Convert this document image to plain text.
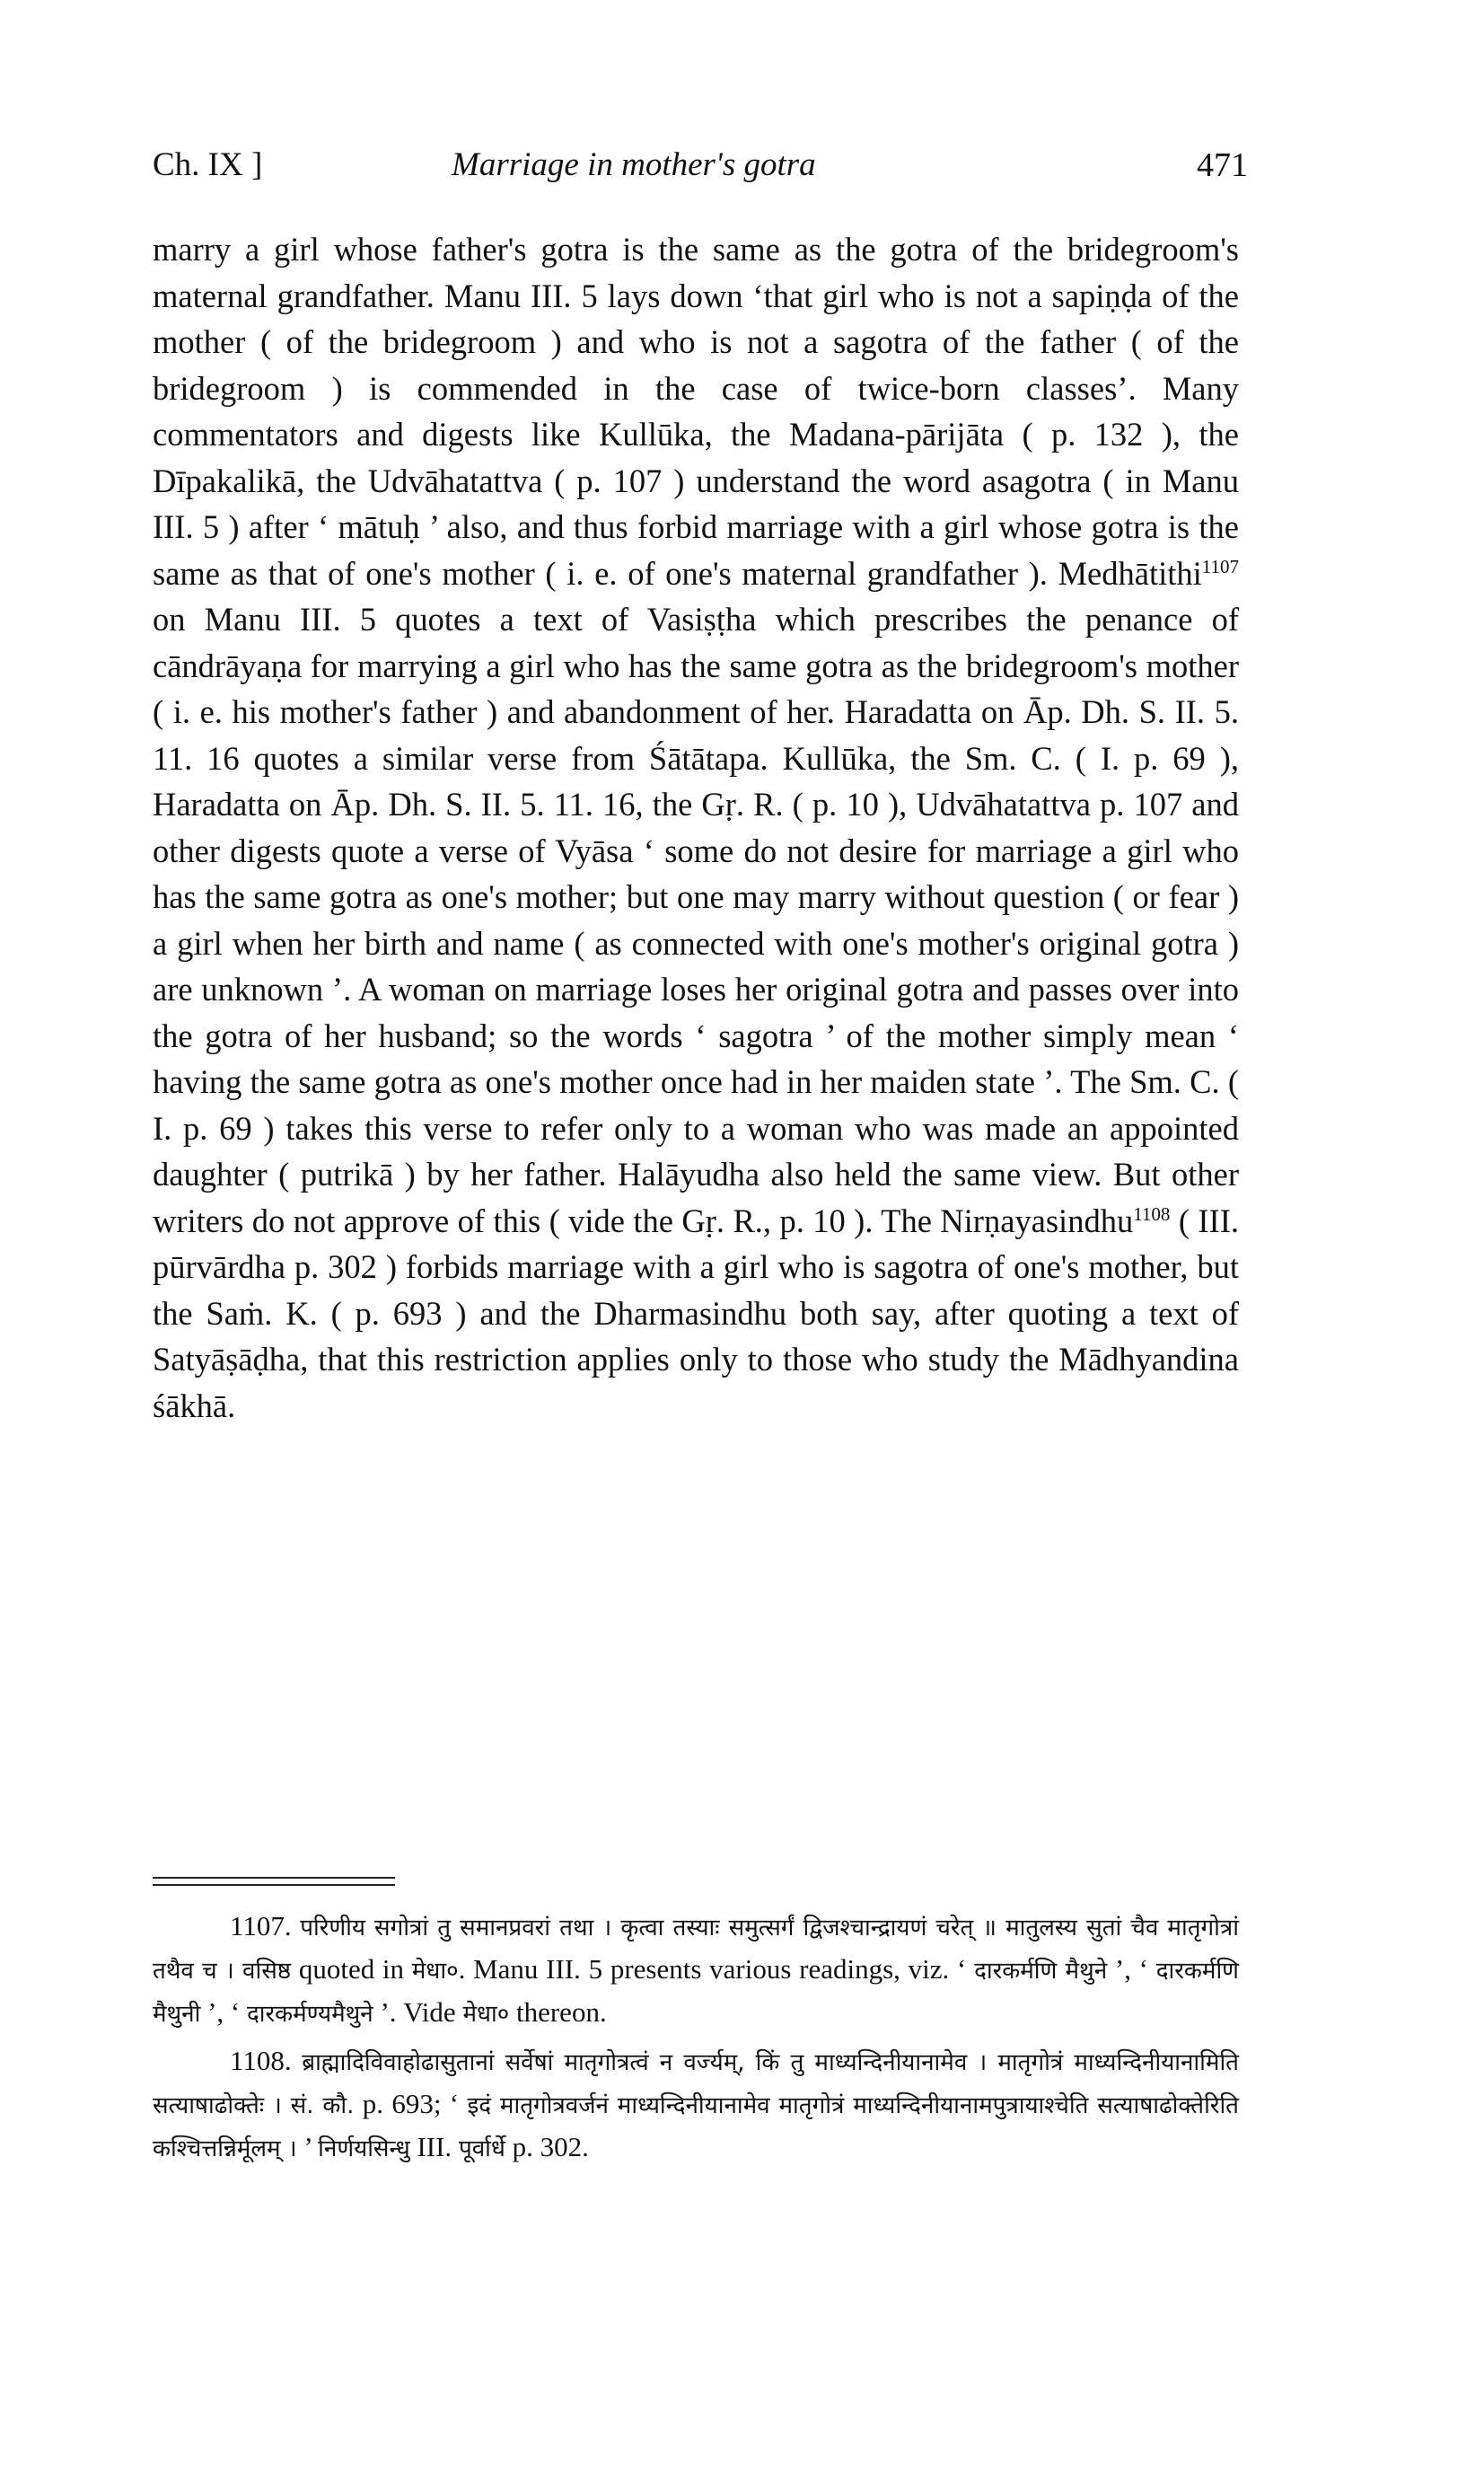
Ch. IX ]	Marriage in mother's gotra	471
marry a girl whose father's gotra is the same as the gotra of the bridegroom's maternal grandfather. Manu III. 5 lays down ‘that girl who is not a sapiṇḍa of the mother ( of the bridegroom ) and who is not a sagotra of the father ( of the bridegroom ) is commended in the case of twice-born classes’. Many commentators and digests like Kullūka, the Madana-pārijāta ( p. 132 ), the Dīpakalikā, the Udvāhatattva ( p. 107 ) understand the word asagotra ( in Manu III. 5 ) after ‘ mātuḥ ’ also, and thus forbid marriage with a girl whose gotra is the same as that of one's mother ( i. e. of one's maternal grandfather ). Medhātithi$^{1107}$ on Manu III. 5 quotes a text of Vasiṣṭha which prescribes the penance of cāndrāyaṇa for marrying a girl who has the same gotra as the bridegroom's mother ( i. e. his mother's father ) and abandonment of her. Haradatta on Āp. Dh. S. II. 5. 11. 16 quotes a similar verse from Śātātapa. Kullūka, the Sm. C. ( I. p. 69 ), Haradatta on Āp. Dh. S. II. 5. 11. 16, the Gṛ. R. ( p. 10 ), Udvāhatattva p. 107 and other digests quote a verse of Vyāsa ‘ some do not desire for marriage a girl who has the same gotra as one's mother; but one may marry without question ( or fear ) a girl when her birth and name ( as connected with one's mother's original gotra ) are unknown ’. A woman on marriage loses her original gotra and passes over into the gotra of her husband; so the words ‘ sagotra ’ of the mother simply mean ‘ having the same gotra as one's mother once had in her maiden state ’. The Sm. C. ( I. p. 69 ) takes this verse to refer only to a woman who was made an appointed daughter ( putrikā ) by her father. Halāyudha also held the same view. But other writers do not approve of this ( vide the Gṛ. R., p. 10 ). The Nirṇayasindhu$^{1108}$ ( III. pūrvārdha p. 302 ) forbids marriage with a girl who is sagotra of one's mother, but the Saṁ. K. ( p. 693 ) and the Dharmasindhu both say, after quoting a text of Satyāṣāḍha, that this restriction applies only to those who study the Mādhyandina śākhā.

1107. परिणीय सगोत्रां तु समानप्रवरां तथा । कृत्वा तस्याः समुत्सर्गं द्विजश्चान्द्रायणं चरेत् ॥ मातुलस्य सुतां चैव मातृगोत्रां तथैव च । वसिष्ठ quoted in मेधा०. Manu III. 5 presents various readings, viz. ‘ दारकर्मणि मैथुने ’, ‘ दारकर्मणि मैथुनी ’, ‘ दारकर्मण्यमैथुने ’. Vide मेधा० thereon.

1108. ब्राह्मादिविवाहोढासुतानां सर्वेषां मातृगोत्रत्वं न वर्ज्यम्, किं तु माध्यन्दिनीयानामेव । मातृगोत्रं माध्यन्दिनीयानामिति सत्याषाढोक्तेः । सं. कौ. p. 693; ‘ इदं मातृगोत्रवर्जनं माध्यन्दिनीयानामेव मातृगोत्रं माध्यन्दिनीयानामपुत्रायाश्चेति सत्याषाढोक्तेरिति कश्चित्तन्निर्मूलम् । ’ निर्णयसिन्धु III. पूर्वार्धे p. 302.
